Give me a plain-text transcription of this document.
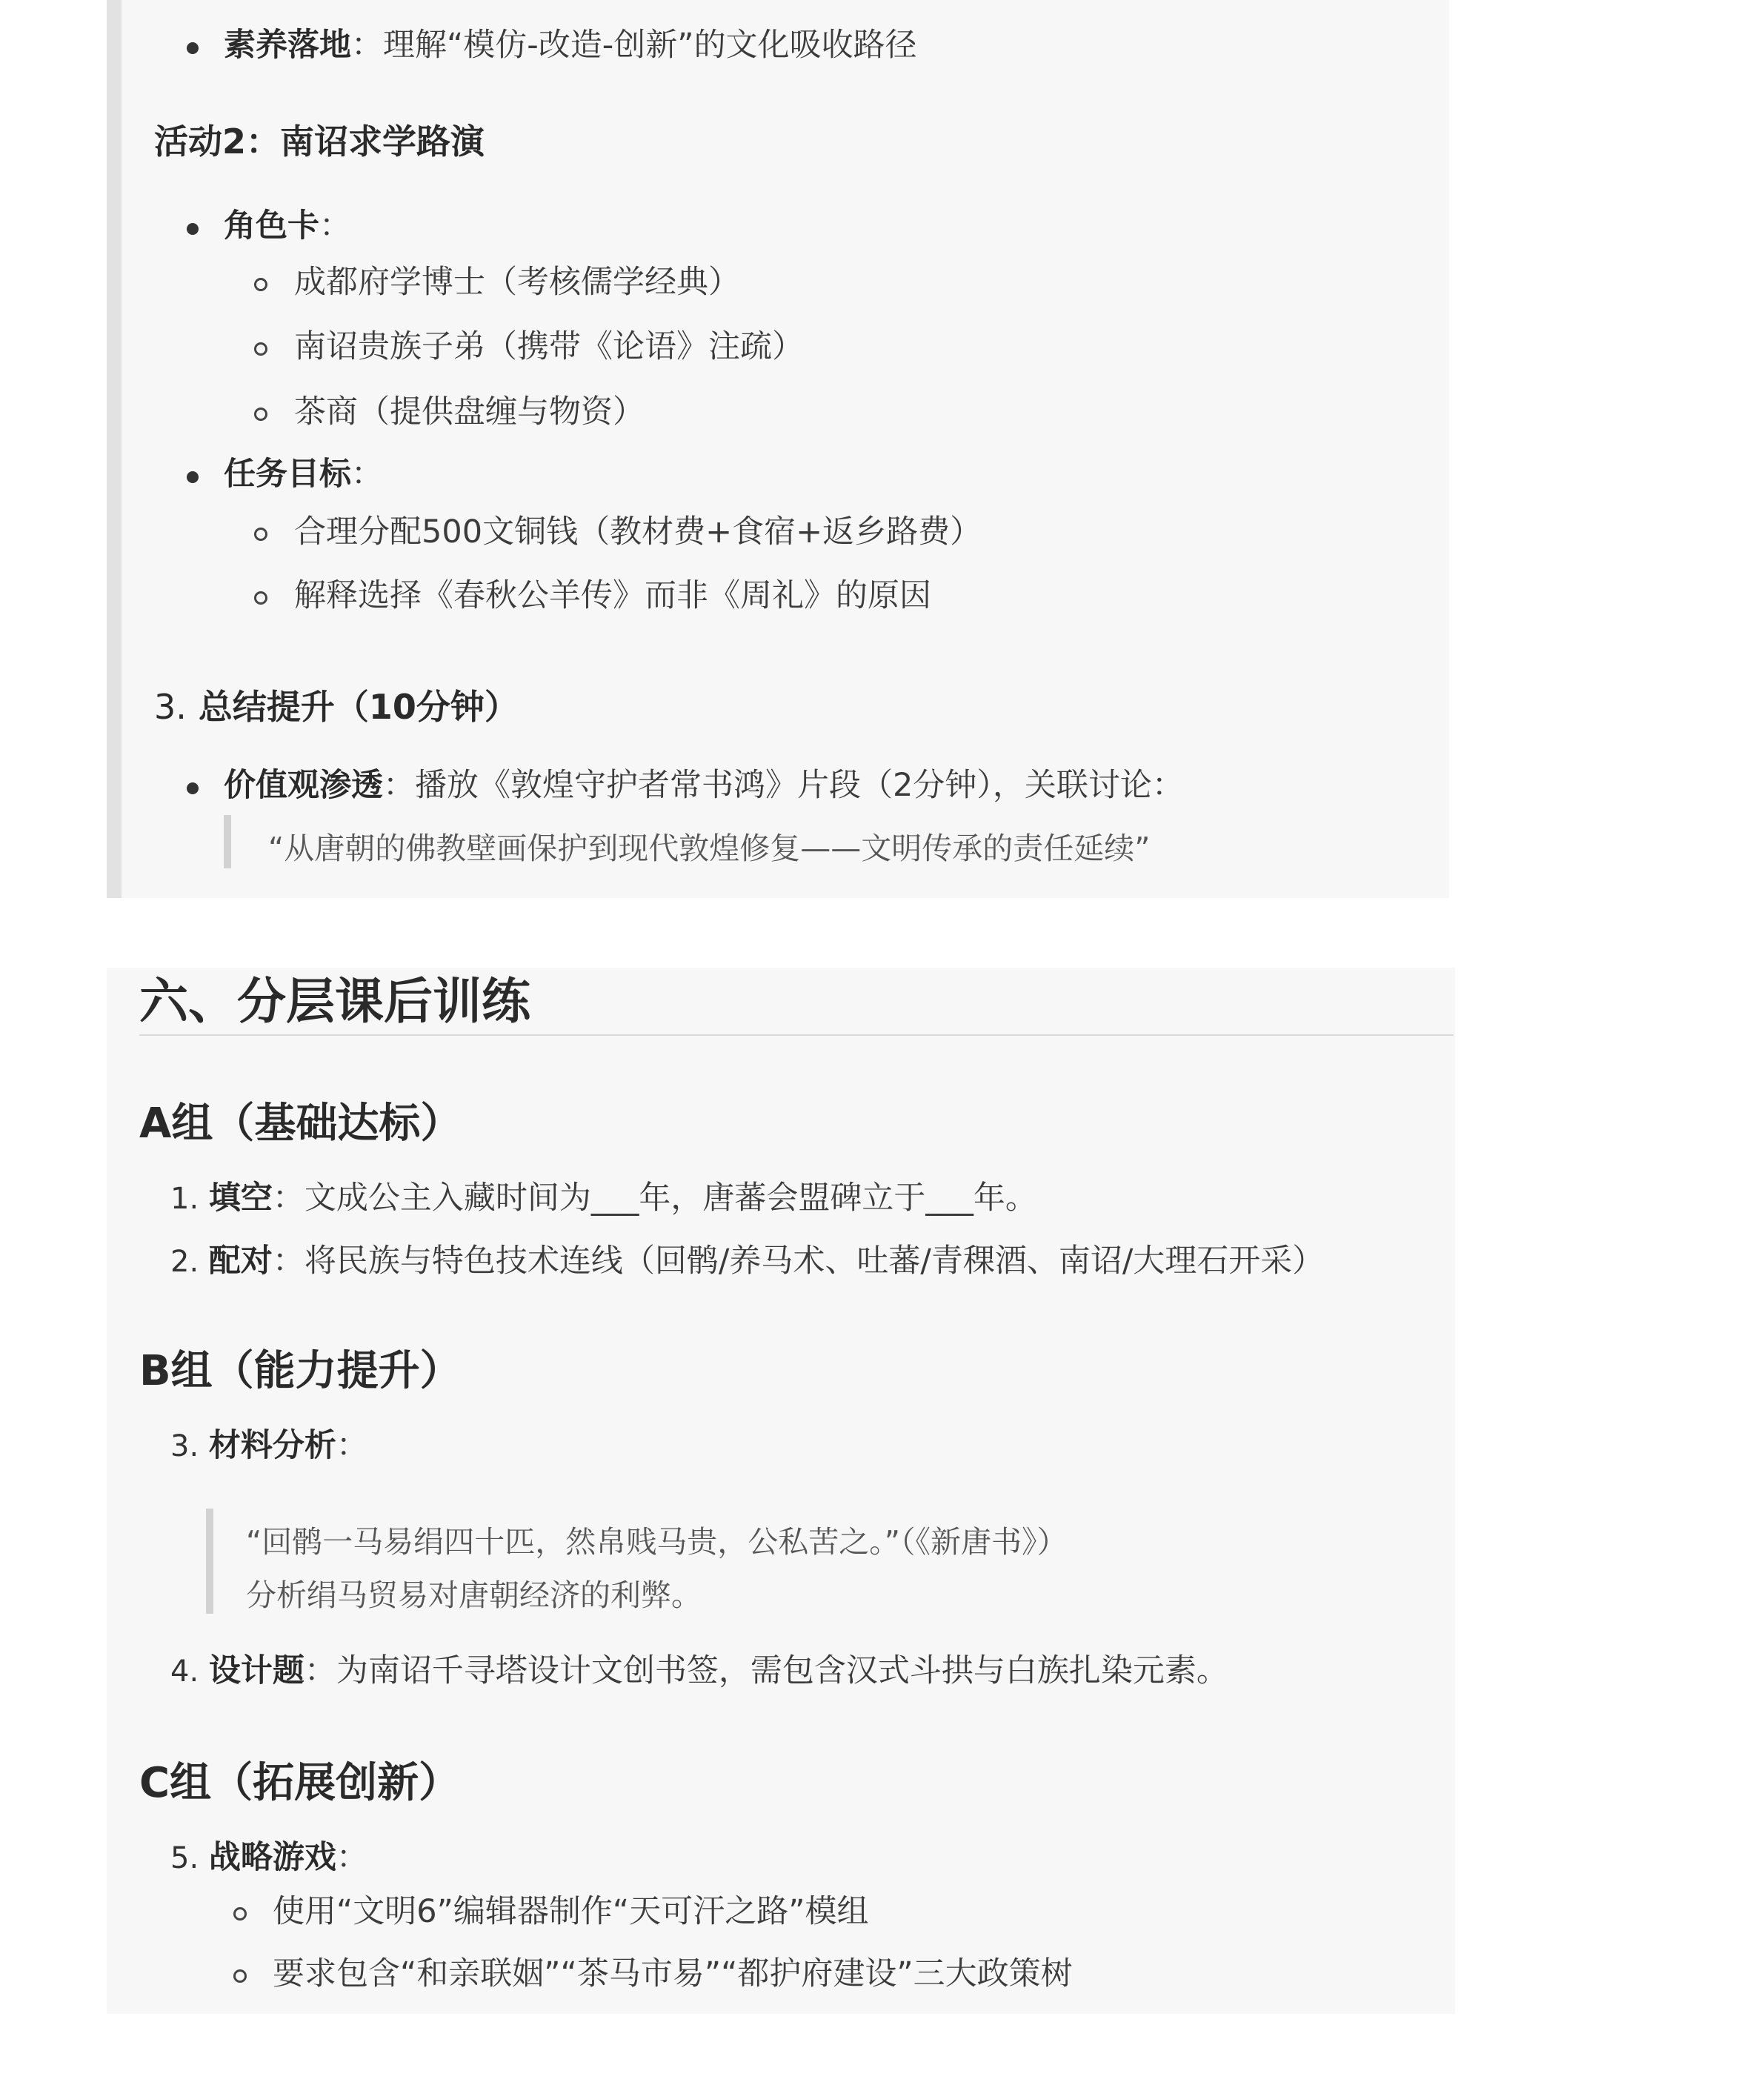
素养落地：理解“模仿-改造-创新”的文化吸收路径
活动2：南诏求学路演
角色卡：
成都府学博士（考核儒学经典）
南诏贵族子弟（携带《论语》注疏）
茶商（提供盘缠与物资）
任务目标：
合理分配500文铜钱（教材费+食宿+返乡路费）
解释选择《春秋公羊传》而非《周礼》的原因
3. 总结提升（10分钟）
价值观渗透：播放《敦煌守护者常书鸿》片段（2分钟），关联讨论：
“从唐朝的佛教壁画保护到现代敦煌修复——文明传承的责任延续”
六、分层课后训练
A组（基础达标）
1. 填空：文成公主入藏时间为___年，唐蕃会盟碑立于___年。
2. 配对：将民族与特色技术连线（回鹘/养马术、吐蕃/青稞酒、南诏/大理石开采）
B组（能力提升）
3. 材料分析：
“回鹘一马易绢四十匹，然帛贱马贵，公私苦之。”（《新唐书》）
分析绢马贸易对唐朝经济的利弊。
4. 设计题：为南诏千寻塔设计文创书签，需包含汉式斗拱与白族扎染元素。
C组（拓展创新）
5. 战略游戏：
使用“文明6”编辑器制作“天可汗之路”模组
要求包含“和亲联姻”“茶马市易”“都护府建设”三大政策树
